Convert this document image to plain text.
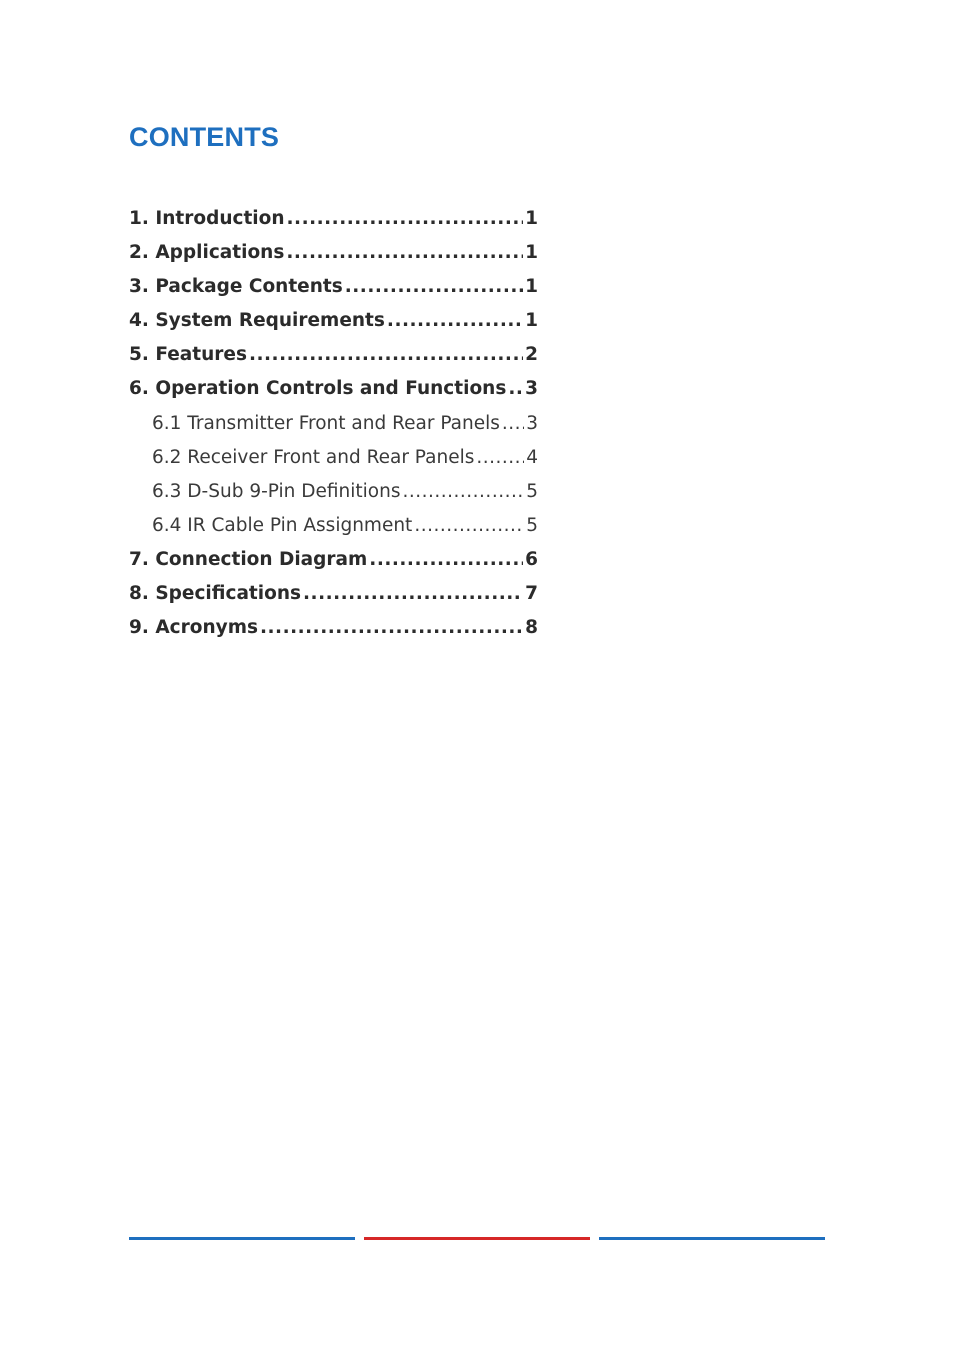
CONTENTS
1. Introduction .....	1
2. Applications .....	1
3. Package Contents .....	1
4. System Requirements .....	1
5. Features .....	2
6. Operation Controls and Functions ..... 3
6.1 Transmitter Front and Rear Panels ..... 3
6.2 Receiver Front and Rear Panels .....	4
6.3 D-Sub 9-Pin Definitions .....	5
6.4 IR Cable Pin Assignment .....	5
7. Connection Diagram .....	6
8. Specifications .....	7
9. Acronyms .....	8
